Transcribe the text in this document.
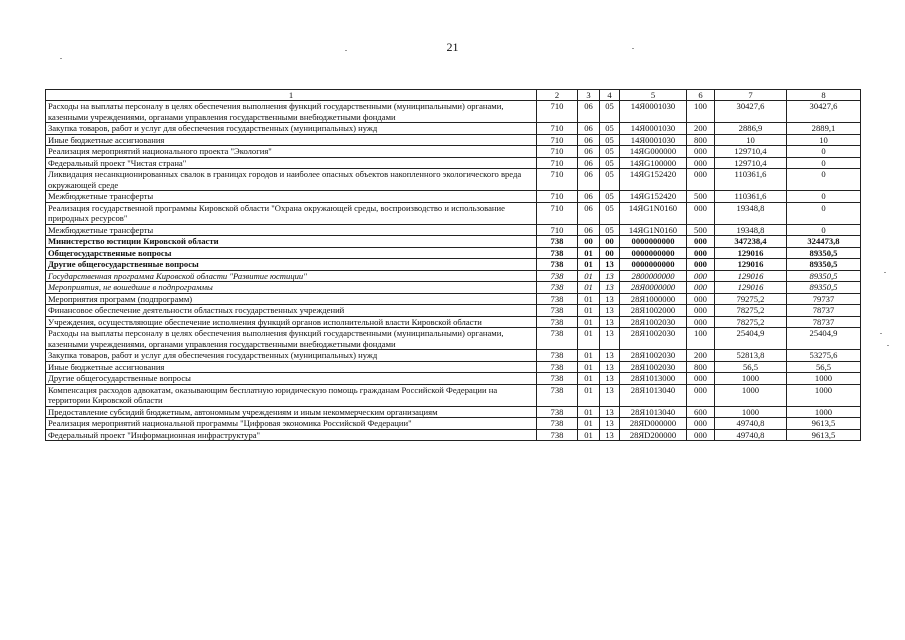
21
1	2	3	4	5	6	7	8
Расходы на выплаты персоналу в целях обеспечения выполнения функций государственными (муниципальными) органами, казенными учреждениями, органами управления государственными внебюджетными фондами	710	06	05	14Я0001030	100	30427,6	30427,6
Закупка товаров, работ и услуг для обеспечения государственных (муниципальных) нужд	710	06	05	14Я0001030	200	2886,9	2889,1
Иные бюджетные ассигнования	710	06	05	14Я0001030	800	10	10
Реализация мероприятий национального проекта "Экология"	710	06	05	14ЯG000000	000	129710,4	0
Федеральный проект "Чистая страна"	710	06	05	14ЯG100000	000	129710,4	0
Ликвидация несанкционированных свалок в границах городов и наиболее опасных объектов накопленного экологического вреда окружающей среде	710	06	05	14ЯG152420	000	110361,6	0
Межбюджетные трансферты	710	06	05	14ЯG152420	500	110361,6	0
Реализация государственной программы Кировской области "Охрана окружающей среды, воспроизводство и использование природных ресурсов"	710	06	05	14ЯG1N0160	000	19348,8	0
Межбюджетные трансферты	710	06	05	14ЯG1N0160	500	19348,8	0
Министерство юстиции Кировской области	738	00	00	0000000000	000	347238,4	324473,8
Общегосударственные вопросы	738	01	00	0000000000	000	129016	89350,5
Другие общегосударственные вопросы	738	01	13	0000000000	000	129016	89350,5
Государственная программа Кировской области "Развитие юстиции"	738	01	13	2800000000	000	129016	89350,5
Мероприятия, не вошедшие в подпрограммы	738	01	13	28Я0000000	000	129016	89350,5
Мероприятия программ (подпрограмм)	738	01	13	28Я1000000	000	79275,2	79737
Финансовое обеспечение деятельности областных государственных учреждений	738	01	13	28Я1002000	000	78275,2	78737
Учреждения, осуществляющие обеспечение исполнения функций органов исполнительной власти Кировской области	738	01	13	28Я1002030	000	78275,2	78737
Расходы на выплаты персоналу в целях обеспечения выполнения функций государственными (муниципальными) органами, казенными учреждениями, органами управления государственными внебюджетными фондами	738	01	13	28Я1002030	100	25404,9	25404,9
Закупка товаров, работ и услуг для обеспечения государственных (муниципальных) нужд	738	01	13	28Я1002030	200	52813,8	53275,6
Иные бюджетные ассигнования	738	01	13	28Я1002030	800	56,5	56,5
Другие общегосударственные вопросы	738	01	13	28Я1013000	000	1000	1000
Компенсация расходов адвокатам, оказывающим бесплатную юридическую помощь гражданам Российской Федерации на территории Кировской области	738	01	13	28Я1013040	000	1000	1000
Предоставление субсидий бюджетным, автономным учреждениям и иным некоммерческим организациям	738	01	13	28Я1013040	600	1000	1000
Реализация мероприятий национальной программы "Цифровая экономика Российской Федерации"	738	01	13	28ЯD000000	000	49740,8	9613,5
Федеральный проект "Информационная инфраструктура"	738	01	13	28ЯD200000	000	49740,8	9613,5
